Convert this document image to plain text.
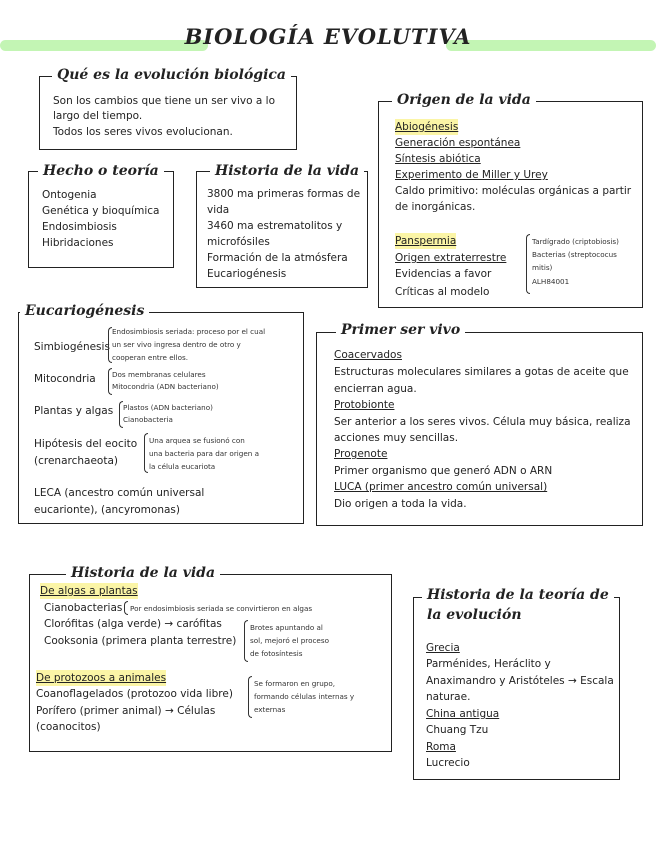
BIOLOGÍA EVOLUTIVA
Qué es la evolución biológica
Son los cambios que tiene un ser vivo a lo
largo del tiempo.
Todos los seres vivos evolucionan.
Origen de la vida
Abiogénesis
Generación espontánea
Síntesis abiótica
Experimento de Miller y Urey
Caldo primitivo: moléculas orgánicas a partir
de inorgánicas.
Panspermia
Origen extraterrestre
Evidencias a favor
Críticas al modelo
Tardígrado (criptobiosis)
Bacterias (streptococus
mitis)
ALH84001
Hecho o teoría
Ontogenia
Genética y bioquímica
Endosimbiosis
Hibridaciones
Historia de la vida
3800 ma primeras formas de
vida
3460 ma estrematolitos y
microfósiles
Formación de la atmósfera
Eucariogénesis
Eucariogénesis
Simbiogénesis
Endosimbiosis seriada: proceso por el cual
un ser vivo ingresa dentro de otro y
cooperan entre ellos.
Mitocondria Dos membranas celulares
Mitocondria (ADN bacteriano)
Plantas y algas Plastos (ADN bacteriano)
Cianobacteria
Hipótesis del eocito
(crenarchaeota)
Una arquea se fusionó con
una bacteria para dar origen a
la célula eucariota
LECA (ancestro común universal
eucarionte), (ancyromonas)
Primer ser vivo
Coacervados
Estructuras moleculares similares a gotas de aceite que
encierran agua.
Protobionte
Ser anterior a los seres vivos. Célula muy básica, realiza
acciones muy sencillas.
Progenote
Primer organismo que generó ADN o ARN
LUCA (primer ancestro común universal)
Dio origen a toda la vida.
Historia de la vida
De algas a plantas
Cianobacterias Por endosimbiosis seriada se convirtieron en algas
Clorófitas (alga verde) → carófitas
Cooksonia (primera planta terrestre)
Brotes apuntando al
sol, mejoró el proceso
de fotosíntesis
De protozoos a animales
Coanoflagelados (protozoo vida libre)
Porífero (primer animal) → Células
(coanocitos)
Se formaron en grupo,
formando células internas y
externas
Historia de la teoría de
la evolución
Grecia
Parménides, Heráclito y
Anaximandro y Aristóteles → Escala
naturae.
China antigua
Chuang Tzu
Roma
Lucrecio
